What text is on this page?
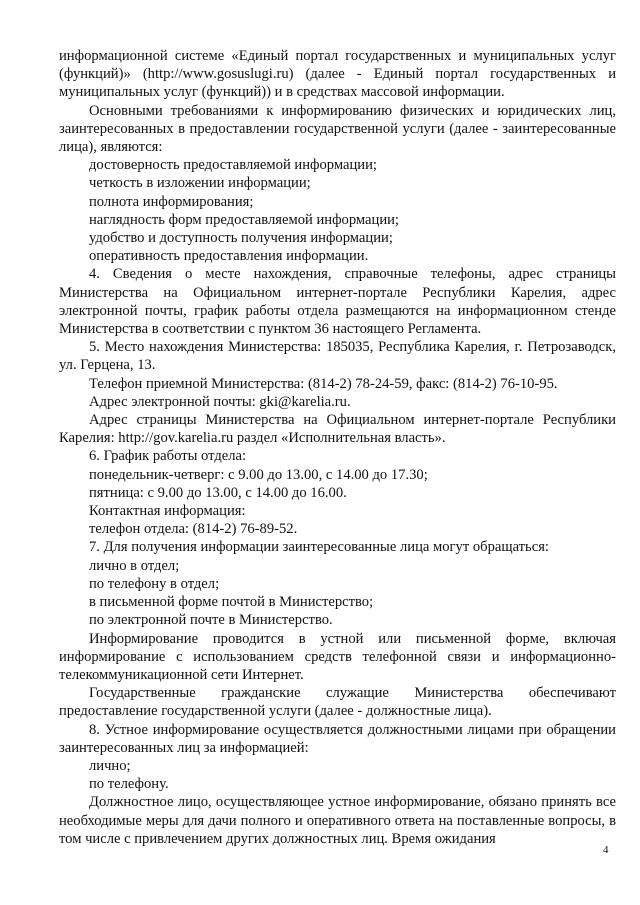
информационной системе «Единый портал государственных и муниципальных услуг (функций)» (http://www.gosuslugi.ru) (далее - Единый портал государственных и муниципальных услуг (функций)) и в средствах массовой информации.

Основными требованиями к информированию физических и юридических лиц, заинтересованных в предоставлении государственной услуги (далее - заинтересованные лица), являются:

достоверность предоставляемой информации;

четкость в изложении информации;

полнота информирования;

наглядность форм предоставляемой информации;

удобство и доступность получения информации;

оперативность предоставления информации.

4. Сведения о месте нахождения, справочные телефоны, адрес страницы Министерства на Официальном интернет-портале Республики Карелия, адрес электронной почты, график работы отдела размещаются на информационном стенде Министерства в соответствии с пунктом 36 настоящего Регламента.

5. Место нахождения Министерства: 185035, Республика Карелия, г. Петрозаводск, ул. Герцена, 13.

Телефон приемной Министерства: (814-2) 78-24-59, факс: (814-2) 76-10-95.

Адрес электронной почты: gki@karelia.ru.

Адрес страницы Министерства на Официальном интернет-портале Республики Карелия: http://gov.karelia.ru раздел «Исполнительная власть».

6. График работы отдела:

понедельник-четверг: с 9.00 до 13.00, с 14.00 до 17.30;

пятница: с 9.00 до 13.00, с 14.00 до 16.00.

Контактная информация:

телефон отдела: (814-2) 76-89-52.

7. Для получения информации заинтересованные лица могут обращаться:

лично в отдел;

по телефону в отдел;

в письменной форме почтой в Министерство;

по электронной почте в Министерство.

Информирование проводится в устной или письменной форме, включая информирование с использованием средств телефонной связи и информационно-телекоммуникационной сети Интернет.

Государственные гражданские служащие Министерства обеспечивают предоставление государственной услуги (далее - должностные лица).

8. Устное информирование осуществляется должностными лицами при обращении заинтересованных лиц за информацией:

лично;

по телефону.

Должностное лицо, осуществляющее устное информирование, обязано принять все необходимые меры для дачи полного и оперативного ответа на поставленные вопросы, в том числе с привлечением других должностных лиц. Время ожидания

4
